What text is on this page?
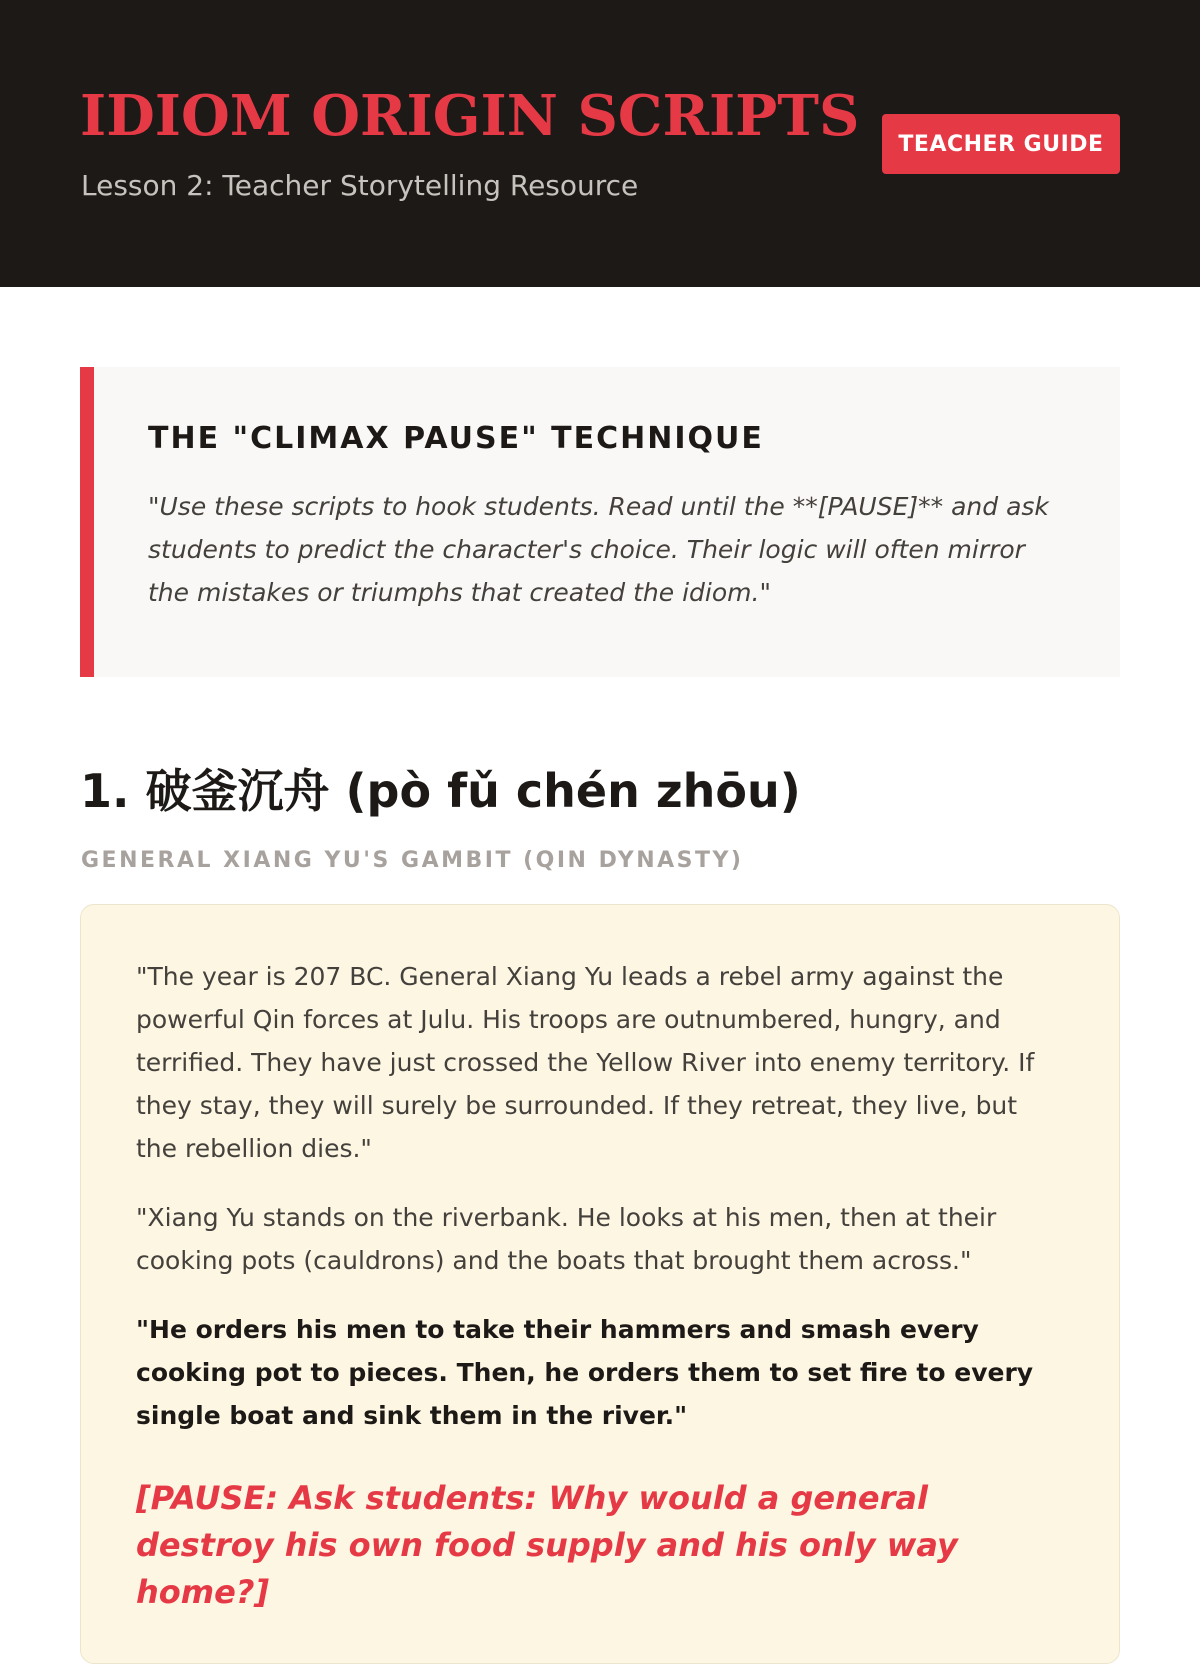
IDIOM ORIGIN SCRIPTS

Lesson 2: Teacher Storytelling Resource

TEACHER GUIDE
THE "CLIMAX PAUSE" TECHNIQUE

"Use these scripts to hook students. Read until the **[PAUSE]** and ask students to predict the character's choice. Their logic will often mirror the mistakes or triumphs that created the idiom."

1. 破釜沉舟 (pò fǔ chén zhōu)

GENERAL XIANG YU'S GAMBIT (QIN DYNASTY)

"The year is 207 BC. General Xiang Yu leads a rebel army against the powerful Qin forces at Julu. His troops are outnumbered, hungry, and terrified. They have just crossed the Yellow River into enemy territory. If they stay, they will surely be surrounded. If they retreat, they live, but the rebellion dies."

"Xiang Yu stands on the riverbank. He looks at his men, then at their cooking pots (cauldrons) and the boats that brought them across."

"He orders his men to take their hammers and smash every cooking pot to pieces. Then, he orders them to set fire to every single boat and sink them in the river."

[PAUSE: Ask students: Why would a general destroy his own food supply and his only way home?]
